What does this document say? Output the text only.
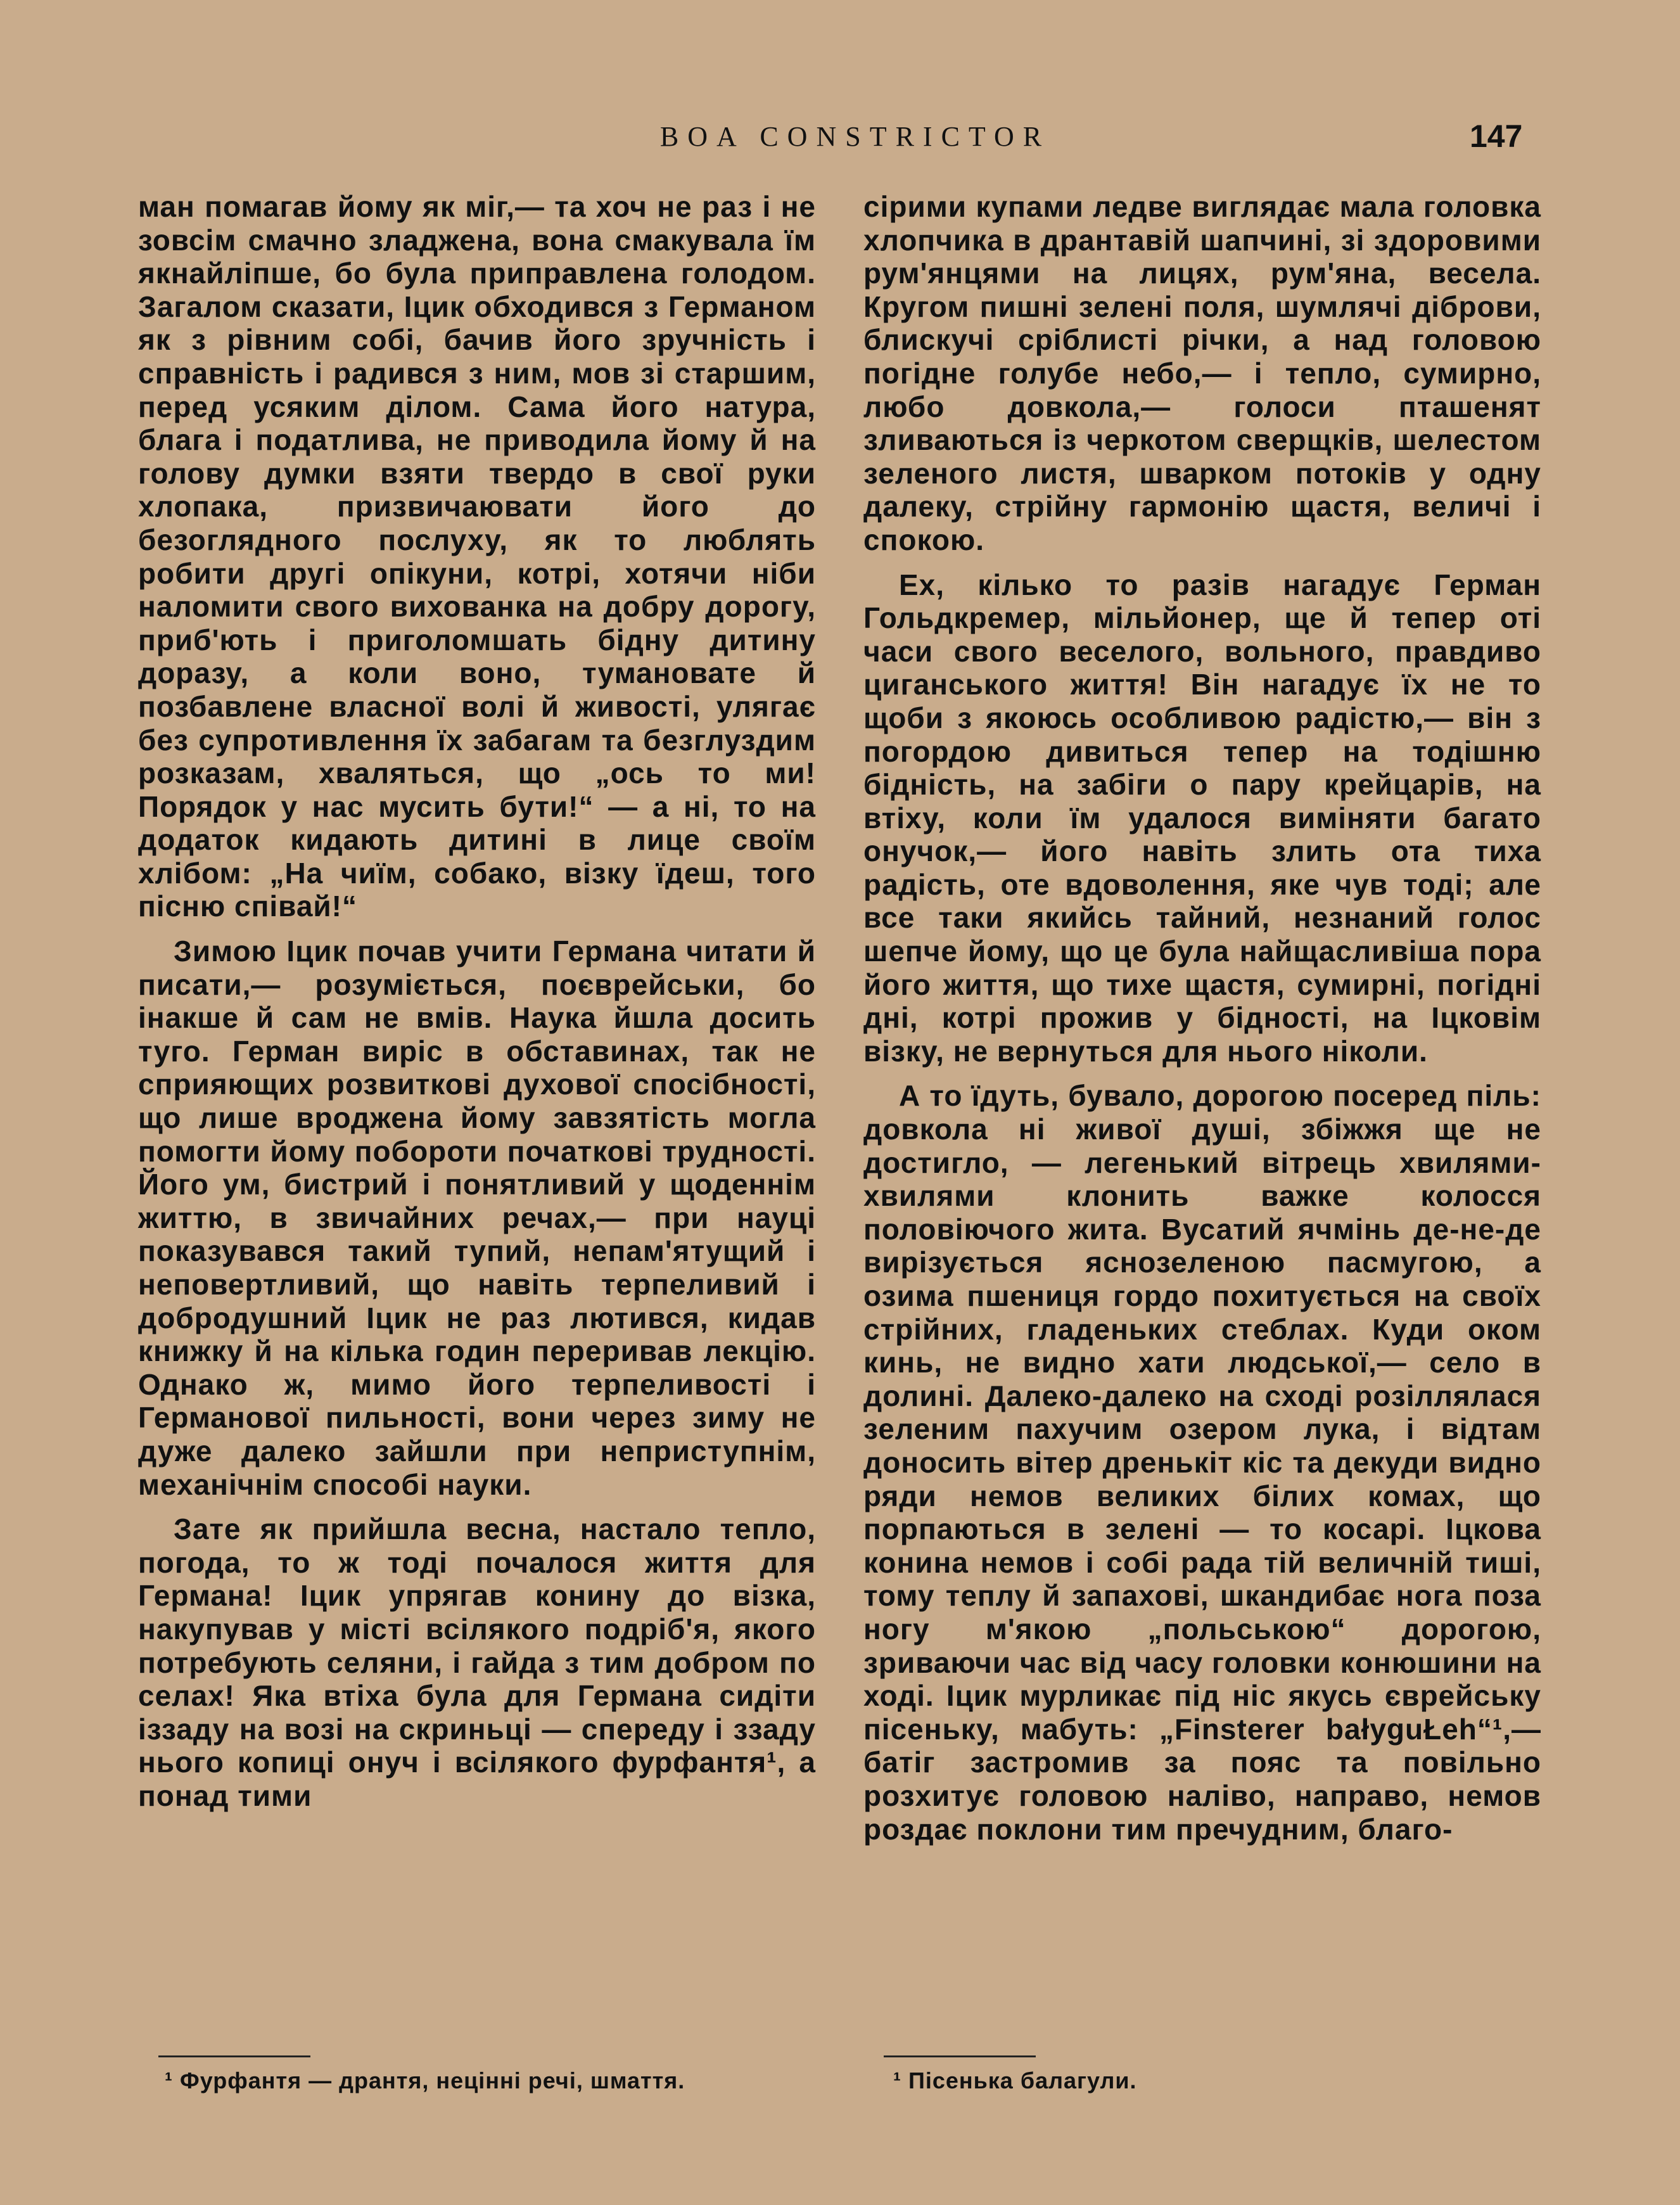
BOA CONSTRICTOR	147

ман помагав йому як міг,— та хоч не раз і не зовсім смачно зладжена, вона смакувала їм якнайліпше, бо була приправлена голодом. Загалом сказати, Іцик обходився з Германом як з рівним собі, бачив його зручність і справність і радився з ним, мов зі старшим, перед усяким ділом. Сама його натура, блага і податлива, не приводила йому й на голову думки взяти твердо в свої руки хлопака, призвичаювати його до безоглядного послуху, як то люблять робити другі опікуни, котрі, хотячи ніби наломити свого вихованка на добру дорогу, приб'ють і приголомшать бідну дитину доразу, а коли воно, тумановате й позбавлене власної волі й живості, улягає без супротивлення їх забагам та безглуздим розказам, хваляться, що „ось то ми! Порядок у нас мусить бути!“ — а ні, то на додаток кидають дитині в лице своїм хлібом: „На чиїм, собако, візку їдеш, того пісню співай!“

Зимою Іцик почав учити Германа читати й писати,— розуміється, поєврейськи, бо інакше й сам не вмів. Наука йшла досить туго. Герман виріс в обставинах, так не сприяющих розвиткові духової спосібності, що лише вроджена йому завзятість могла помогти йому побороти початкові трудності. Його ум, бистрий і понятливий у щоденнім життю, в звичайних речах,— при науці показувався такий тупий, непам'ятущий і неповертливий, що навіть терпеливий і добродушний Іцик не раз лютився, кидав книжку й на кілька годин переривав лекцію. Однако ж, мимо його терпеливості і Германової пильності, вони через зиму не дуже далеко зайшли при неприступнім, механічнім способі науки.

Зате як прийшла весна, настало тепло, погода, то ж тоді почалося життя для Германа! Іцик упрягав конину до візка, накупував у місті всілякого подріб'я, якого потребують селяни, і гайда з тим добром по селах! Яка втіха була для Германа сидіти іззаду на возі на скриньці — спереду і ззаду нього копиці онуч і всілякого фурфантя¹, а понад тими

сірими купами ледве виглядає мала головка хлопчика в дрантавій шапчині, зі здоровими рум'янцями на лицях, рум'яна, весела. Кругом пишні зелені поля, шумлячі діброви, блискучі сріблисті річки, а над головою погідне голубе небо,— і тепло, сумирно, любо довкола,— голоси пташенят зливаються із черкотом сверщків, шелестом зеленого листя, шварком потоків у одну далеку, стрійну гармонію щастя, величі і спокою.

Ех, кілько то разів нагадує Герман Гольдкремер, мільйонер, ще й тепер оті часи свого веселого, вольного, правдиво циганського життя! Він нагадує їх не то щоби з якоюсь особливою радістю,— він з погордою дивиться тепер на тодішню бідність, на забіги о пару крейцарів, на втіху, коли їм удалося виміняти багато онучок,— його навіть злить ота тиха радість, оте вдоволення, яке чув тоді; але все таки якийсь тайний, незнаний голос шепче йому, що це була найщасливіша пора його життя, що тихе щастя, сумирні, погідні дні, котрі прожив у бідності, на Іцковім візку, не вернуться для нього ніколи.

А то їдуть, бувало, дорогою посеред піль: довкола ні живої душі, збіжжя ще не достигло, — легенький вітрець хвилями-хвилями клонить важке колосся половіючого жита. Вусатий ячмінь де-не-де вирізується яснозеленою пасмугою, а озима пшениця гордо похитується на своїх стрійних, гладеньких стеблах. Куди оком кинь, не видно хати людської,— село в долині. Далеко-далеко на сході розіллялася зеленим пахучим озером лука, і відтам доносить вітер дренькіт кіс та декуди видно ряди немов великих білих комах, що порпаються в зелені — то косарі. Іцкова конина немов і собі рада тій величній тиші, тому теплу й запахові, шкандибає нога поза ногу м'якою „польською“ дорогою, зриваючи час від часу головки конюшини на ході. Іцик мурликає під ніс якусь єврейську пісеньку, мабуть: „Finsterer bałyguŁeh“¹,— батіг застромив за пояс та повільно розхитує головою наліво, направо, немов роздає поклони тим пречудним, благо-

¹ Фурфантя — дрантя, нецінні речі, шмаття.	¹ Пісенька балагули.
